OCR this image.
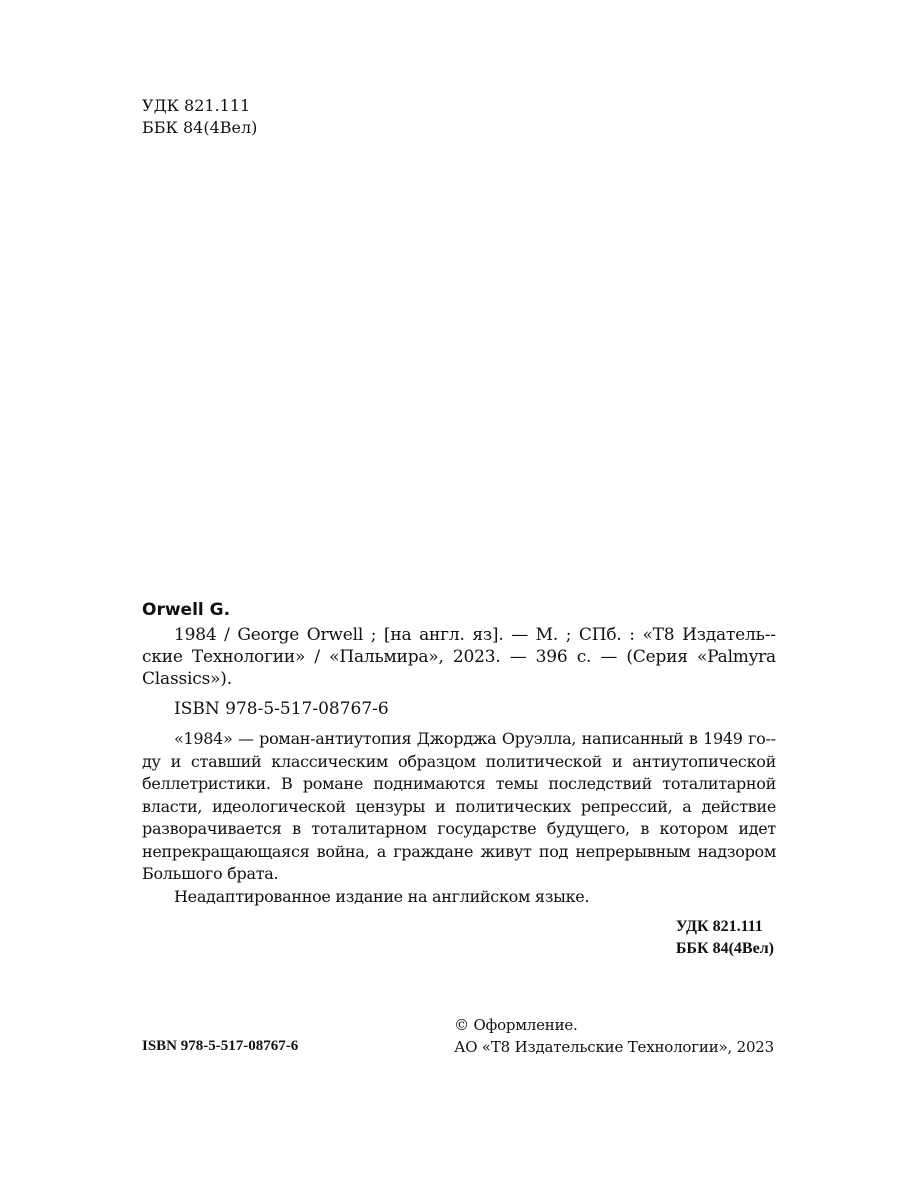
УДК 821.111
ББК 84(4Вел)
Orwell G.

1984 / George Orwell ; [на англ. яз]. — М. ; СПб. : «Т8 Издатель-ские Технологии» / «Пальмира», 2023. — 396 с. — (Серия «Palmyra Classics»).

ISBN 978-5-517-08767-6

«1984» — роман-антиутопия Джорджа Оруэлла, написанный в 1949 го-ду и ставший классическим образцом политической и антиутопической беллетристики. В романе поднимаются темы последствий тоталитарной власти, идеологической цензуры и политических репрессий, а действие разворачивается в тоталитарном государстве будущего, в котором идет непрекращающаяся война, а граждане живут под непрерывным надзором Большого брата.

Неадаптированное издание на английском языке.

УДК 821.111
ББК 84(4Вел)
© Оформление.
АО «Т8 Издательские Технологии», 2023
ISBN 978-5-517-08767-6
